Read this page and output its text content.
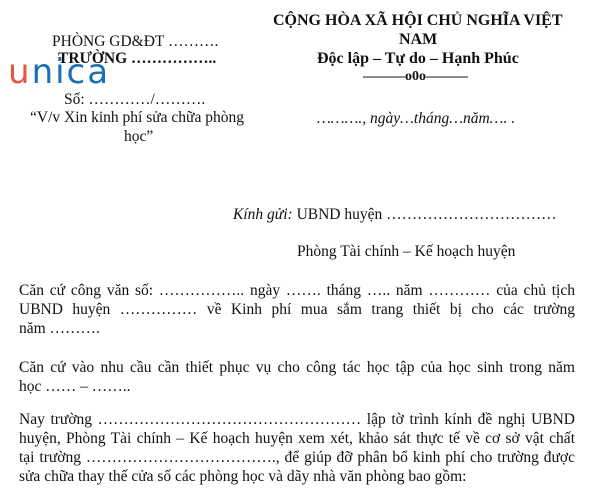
PHÒNG GD&ĐT ……….
TRƯỜNG ……………..
Số: …………/……….
“V/v Xin kinh phí sửa chữa phòng
học”
unica
CỘNG HÒA XÃ HỘI CHỦ NGHĨA VIỆT
NAM
Độc lập – Tự do – Hạnh Phúc
———o0o———
………., ngày…tháng…năm…. .
Kính gửi: UBND huyện ……………………………
Phòng Tài chính – Kế hoạch huyện
Căn cứ công văn số: …………….. ngày ……. tháng ….. năm ………… của chủ tịch
UBND huyện …………… về Kinh phí mua sắm trang thiết bị cho các trường
năm ……….
Căn cứ vào nhu cầu cần thiết phục vụ cho công tác học tập của học sinh trong năm
học …… – ……..
Nay trường …………………………………………… lập tờ trình kính đề nghị UBND
huyện, Phòng Tài chính – Kế hoạch huyện xem xét, khảo sát thực tế về cơ sở vật chất
tại trường ………………………………., để giúp đỡ phân bổ kinh phí cho trường được
sửa chữa thay thế cửa số các phòng học và dãy nhà văn phòng bao gồm:
